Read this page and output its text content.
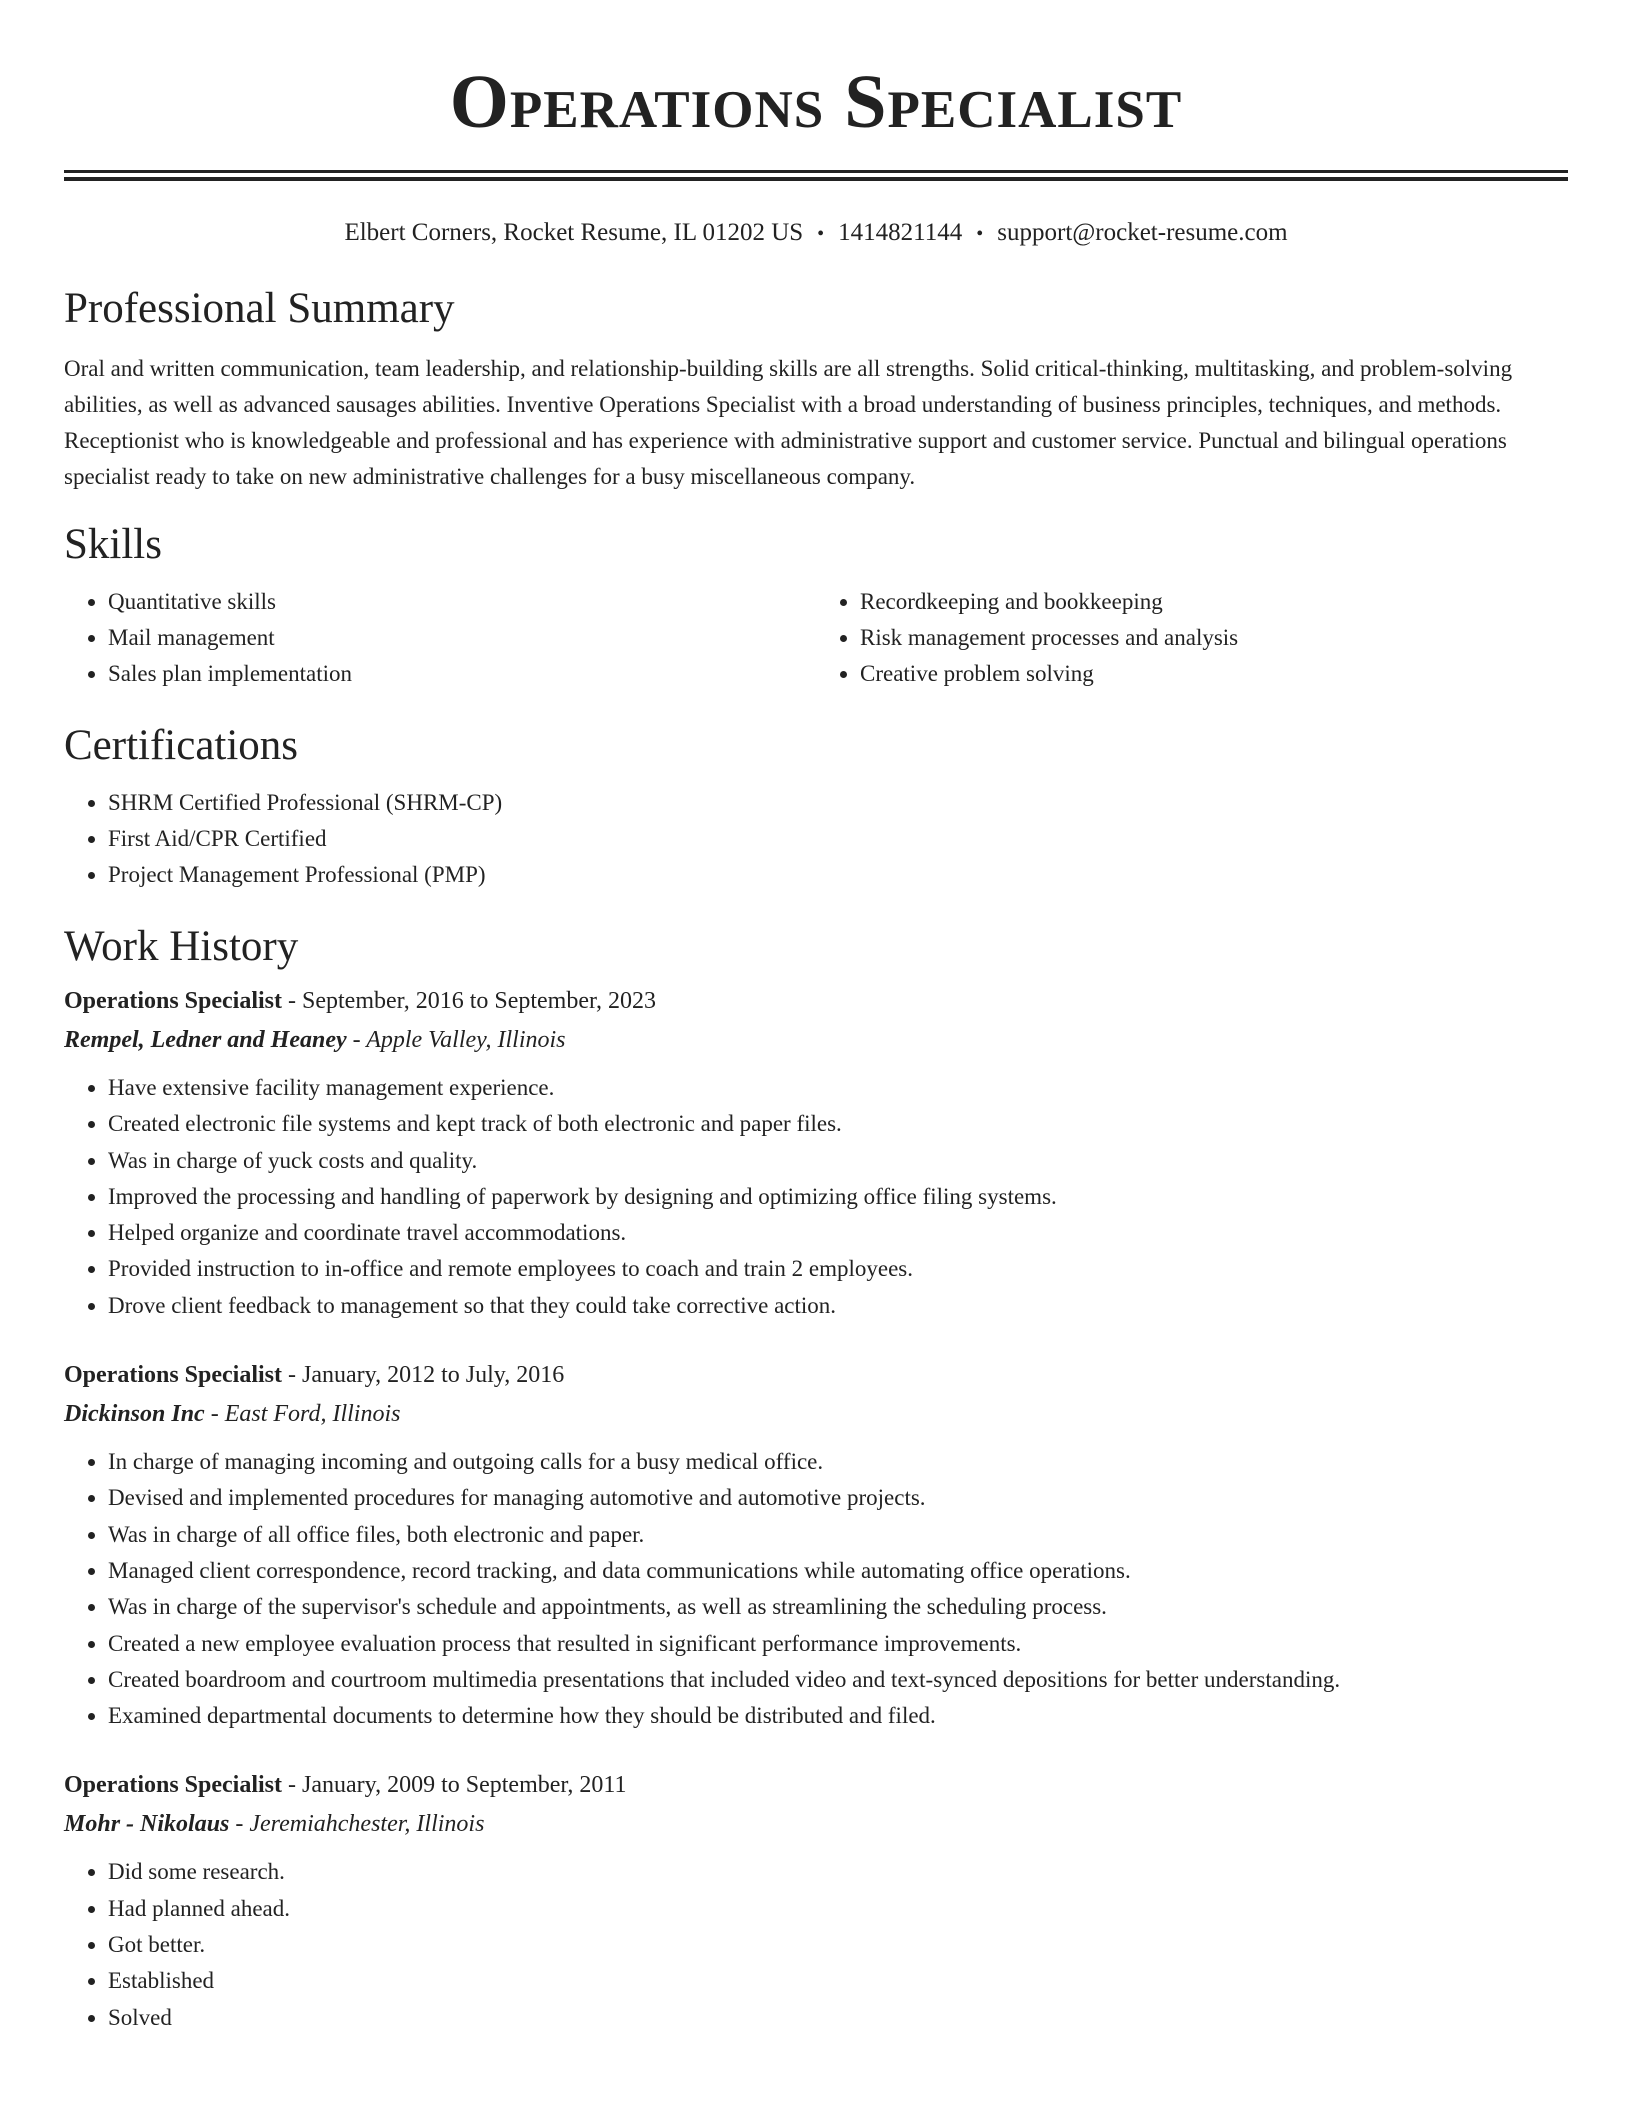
Operations Specialist
Elbert Corners, Rocket Resume, IL 01202 US • 1414821144 • support@rocket-resume.com
Professional Summary

Oral and written communication, team leadership, and relationship-building skills are all strengths. Solid critical-thinking, multitasking, and problem-solving abilities, as well as advanced sausages abilities. Inventive Operations Specialist with a broad understanding of business principles, techniques, and methods. Receptionist who is knowledgeable and professional and has experience with administrative support and customer service. Punctual and bilingual operations specialist ready to take on new administrative challenges for a busy miscellaneous company.

Skills
• Quantitative skills
• Mail management
• Sales plan implementation
• Recordkeeping and bookkeeping
• Risk management processes and analysis
• Creative problem solving
Certifications
• SHRM Certified Professional (SHRM-CP)
• First Aid/CPR Certified
• Project Management Professional (PMP)
Work History
Operations Specialist - September, 2016 to September, 2023
Rempel, Ledner and Heaney - Apple Valley, Illinois
• Have extensive facility management experience.
• Created electronic file systems and kept track of both electronic and paper files.
• Was in charge of yuck costs and quality.
• Improved the processing and handling of paperwork by designing and optimizing office filing systems.
• Helped organize and coordinate travel accommodations.
• Provided instruction to in-office and remote employees to coach and train 2 employees.
• Drove client feedback to management so that they could take corrective action.
Operations Specialist - January, 2012 to July, 2016
Dickinson Inc - East Ford, Illinois
• In charge of managing incoming and outgoing calls for a busy medical office.
• Devised and implemented procedures for managing automotive and automotive projects.
• Was in charge of all office files, both electronic and paper.
• Managed client correspondence, record tracking, and data communications while automating office operations.
• Was in charge of the supervisor's schedule and appointments, as well as streamlining the scheduling process.
• Created a new employee evaluation process that resulted in significant performance improvements.
• Created boardroom and courtroom multimedia presentations that included video and text-synced depositions for better understanding.
• Examined departmental documents to determine how they should be distributed and filed.
Operations Specialist - January, 2009 to September, 2011
Mohr - Nikolaus - Jeremiahchester, Illinois
• Did some research.
• Had planned ahead.
• Got better.
• Established
• Solved
